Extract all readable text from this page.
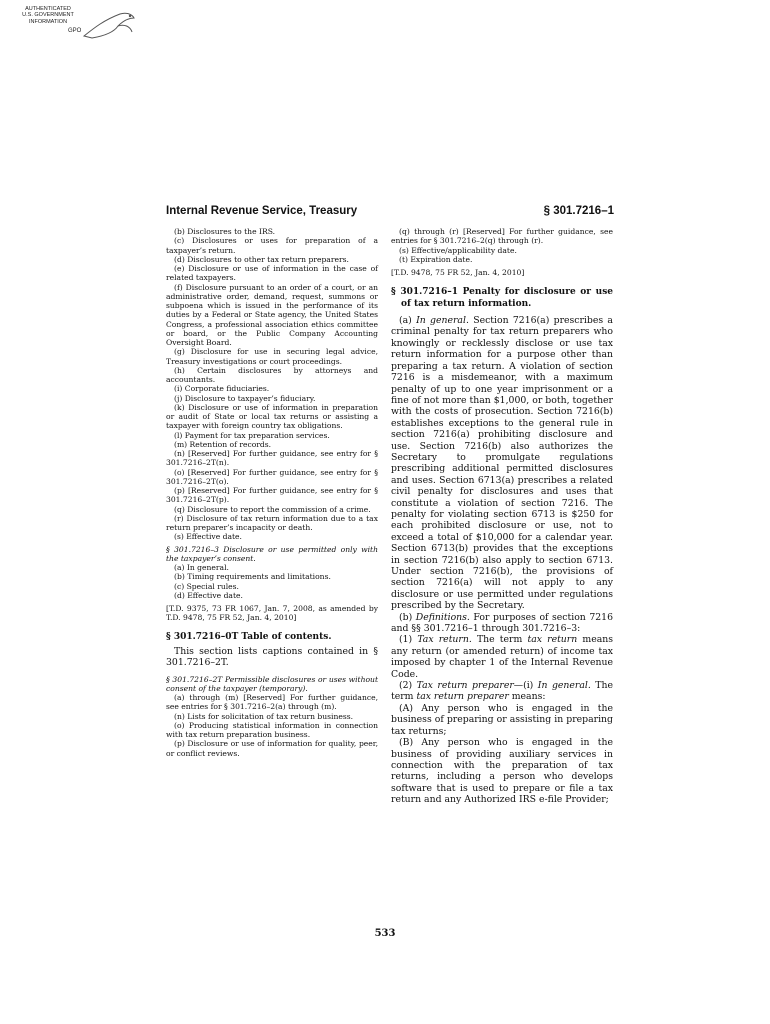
AUTHENTICATED
U.S. GOVERNMENT
INFORMATION
GPO
Internal Revenue Service, Treasury	§ 301.7216–1

(b) Disclosures to the IRS.

(c) Disclosures or uses for preparation of a taxpayer’s return.

(d) Disclosures to other tax return preparers.

(e) Disclosure or use of information in the case of related taxpayers.

(f) Disclosure pursuant to an order of a court, or an administrative order, demand, request, summons or subpoena which is issued in the performance of its duties by a Federal or State agency, the United States Congress, a professional association ethics committee or board, or the Public Company Accounting Oversight Board.

(g) Disclosure for use in securing legal advice, Treasury investigations or court proceedings.

(h) Certain disclosures by attorneys and accountants.

(i) Corporate fiduciaries.

(j) Disclosure to taxpayer’s fiduciary.

(k) Disclosure or use of information in preparation or audit of State or local tax returns or assisting a taxpayer with foreign country tax obligations.

(l) Payment for tax preparation services.

(m) Retention of records.

(n) [Reserved] For further guidance, see entry for § 301.7216–2T(n).

(o) [Reserved] For further guidance, see entry for § 301.7216–2T(o).

(p) [Reserved] For further guidance, see entry for § 301.7216–2T(p).

(q) Disclosure to report the commission of a crime.

(r) Disclosure of tax return information due to a tax return preparer’s incapacity or death.

(s) Effective date.

§ 301.7216–3 Disclosure or use permitted only with the taxpayer’s consent.

(a) In general.

(b) Timing requirements and limitations.

(c) Special rules.

(d) Effective date.

[T.D. 9375, 73 FR 1067, Jan. 7, 2008, as amended by T.D. 9478, 75 FR 52, Jan. 4, 2010]

§ 301.7216–0T Table of contents.

This section lists captions contained in § 301.7216–2T.

§ 301.7216–2T Permissible disclosures or uses without consent of the taxpayer (temporary).

(a) through (m) [Reserved] For further guidance, see entries for § 301.7216–2(a) through (m).

(n) Lists for solicitation of tax return business.

(o) Producing statistical information in connection with tax return preparation business.

(p) Disclosure or use of information for quality, peer, or conflict reviews.

(q) through (r) [Reserved] For further guidance, see entries for § 301.7216–2(q) through (r).

(s) Effective/applicability date.

(t) Expiration date.

[T.D. 9478, 75 FR 52, Jan. 4, 2010]

§ 301.7216–1 Penalty for disclosure or use of tax return information.

(a) In general. Section 7216(a) prescribes a criminal penalty for tax return preparers who knowingly or recklessly disclose or use tax return information for a purpose other than preparing a tax return. A violation of section 7216 is a misdemeanor, with a maximum penalty of up to one year imprisonment or a fine of not more than $1,000, or both, together with the costs of prosecution. Section 7216(b) establishes exceptions to the general rule in section 7216(a) prohibiting disclosure and use. Section 7216(b) also authorizes the Secretary to promulgate regulations prescribing additional permitted disclosures and uses. Section 6713(a) prescribes a related civil penalty for disclosures and uses that constitute a violation of section 7216. The penalty for violating section 6713 is $250 for each prohibited disclosure or use, not to exceed a total of $10,000 for a calendar year. Section 6713(b) provides that the exceptions in section 7216(b) also apply to section 6713. Under section 7216(b), the provisions of section 7216(a) will not apply to any disclosure or use permitted under regulations prescribed by the Secretary.

(b) Definitions. For purposes of section 7216 and §§ 301.7216–1 through 301.7216–3:

(1) Tax return. The term tax return means any return (or amended return) of income tax imposed by chapter 1 of the Internal Revenue Code.

(2) Tax return preparer—(i) In general. The term tax return preparer means:

(A) Any person who is engaged in the business of preparing or assisting in preparing tax returns;

(B) Any person who is engaged in the business of providing auxiliary services in connection with the preparation of tax returns, including a person who develops software that is used to prepare or file a tax return and any Authorized IRS e-file Provider;

533
